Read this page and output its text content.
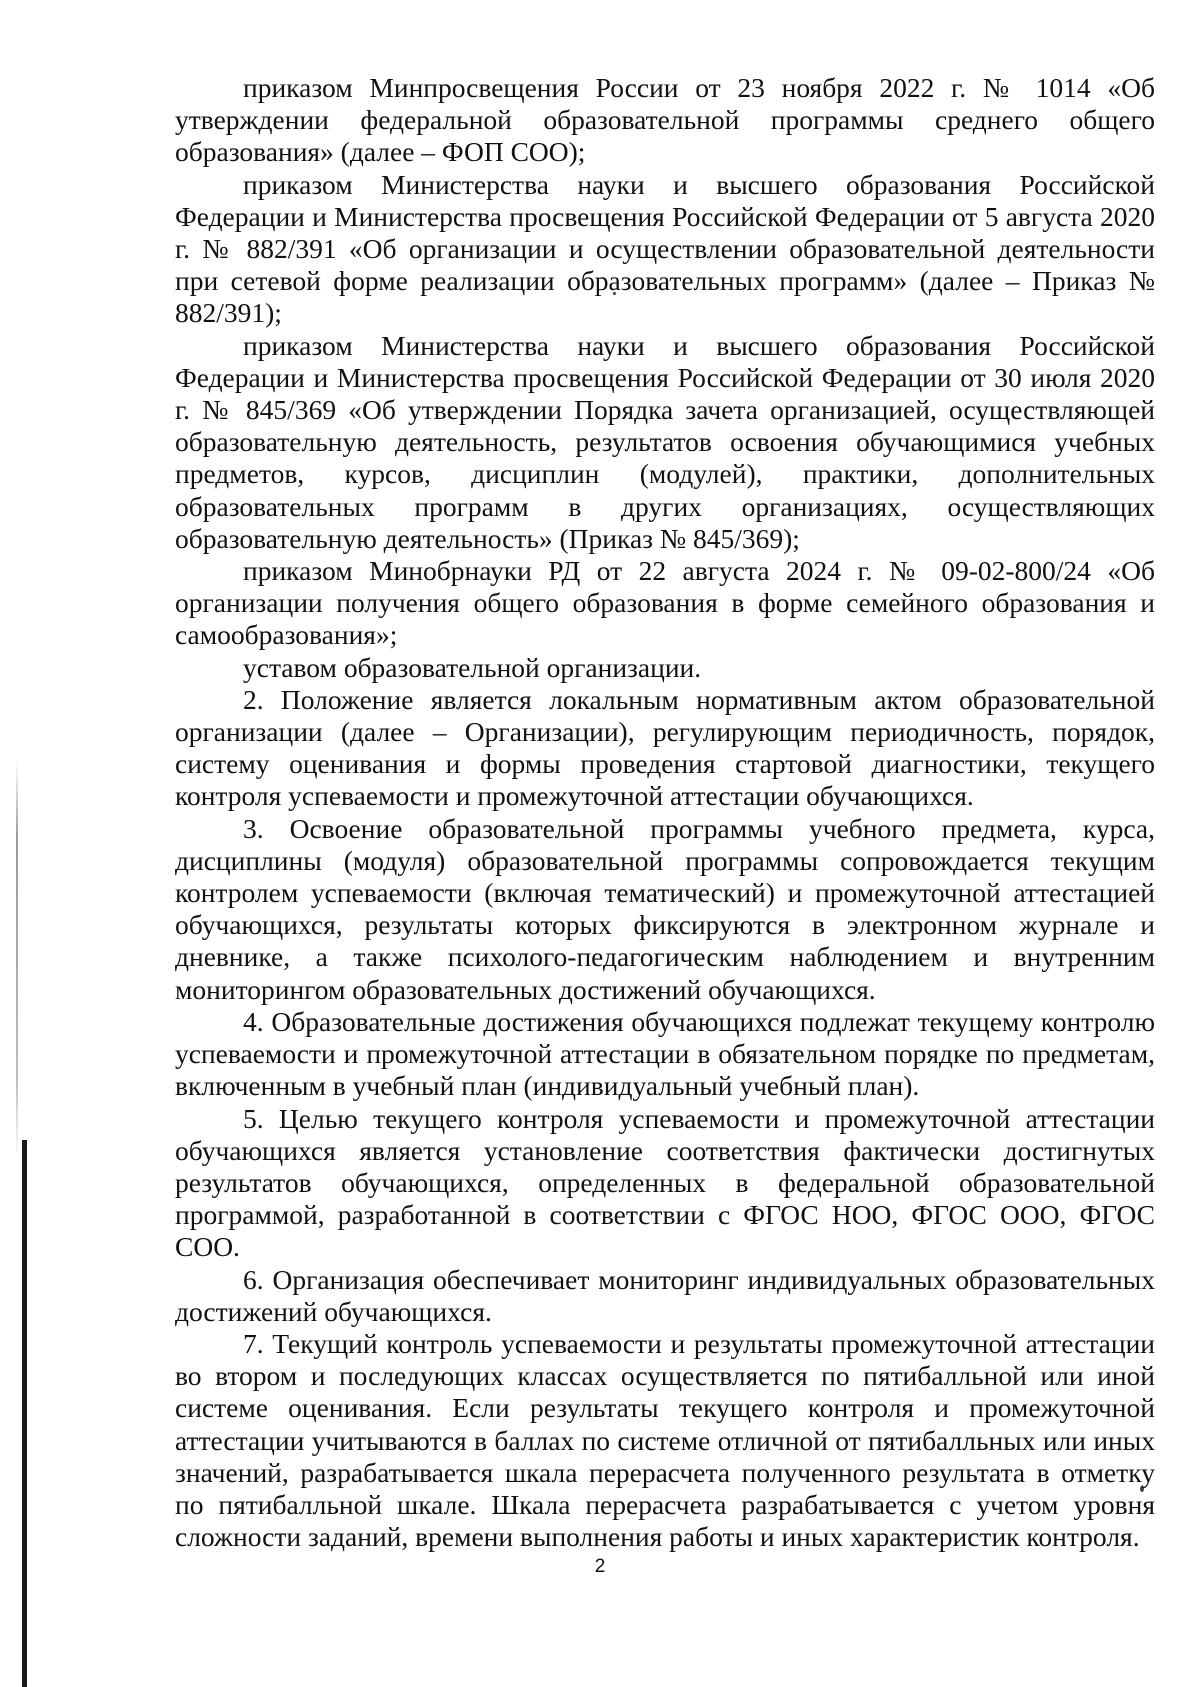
приказом Минпросвещения России от 23 ноября 2022 г. № 1014 «Об утверждении федеральной образовательной программы среднего общего образования» (далее – ФОП СОО);

приказом Министерства науки и высшего образования Российской Федерации и Министерства просвещения Российской Федерации от 5 августа 2020 г. № 882/391 «Об организации и осуществлении образовательной деятельности при сетевой форме реализации образовательных программ» (далее – Приказ № 882/391);

приказом Министерства науки и высшего образования Российской Федерации и Министерства просвещения Российской Федерации от 30 июля 2020 г. № 845/369 «Об утверждении Порядка зачета организацией, осуществляющей образовательную деятельность, результатов освоения обучающимися учебных предметов, курсов, дисциплин (модулей), практики, дополнительных образовательных программ в других организациях, осуществляющих образовательную деятельность» (Приказ № 845/369);

приказом Минобрнауки РД от 22 августа 2024 г. № 09-02-800/24 «Об организации получения общего образования в форме семейного образования и самообразования»;

уставом образовательной организации.

2. Положение является локальным нормативным актом образовательной организации (далее – Организации), регулирующим периодичность, порядок, систему оценивания и формы проведения стартовой диагностики, текущего контроля успеваемости и промежуточной аттестации обучающихся.

3. Освоение образовательной программы учебного предмета, курса, дисциплины (модуля) образовательной программы сопровождается текущим контролем успеваемости (включая тематический) и промежуточной аттестацией обучающихся, результаты которых фиксируются в электронном журнале и дневнике, а также психолого-педагогическим наблюдением и внутренним мониторингом образовательных достижений обучающихся.

4. Образовательные достижения обучающихся подлежат текущему контролю успеваемости и промежуточной аттестации в обязательном порядке по предметам, включенным в учебный план (индивидуальный учебный план).

5. Целью текущего контроля успеваемости и промежуточной аттестации обучающихся является установление соответствия фактически достигнутых результатов обучающихся, определенных в федеральной образовательной программой, разработанной в соответствии с ФГОС НОО, ФГОС ООО, ФГОС СОО.

6. Организация обеспечивает мониторинг индивидуальных образовательных достижений обучающихся.

7. Текущий контроль успеваемости и результаты промежуточной аттестации во втором и последующих классах осуществляется по пятибалльной или иной системе оценивания. Если результаты текущего контроля и промежуточной аттестации учитываются в баллах по системе отличной от пятибалльных или иных значений, разрабатывается шкала перерасчета полученного результата в отметку по пятибалльной шкале. Шкала перерасчета разрабатывается с учетом уровня сложности заданий, времени выполнения работы и иных характеристик контроля.

2
